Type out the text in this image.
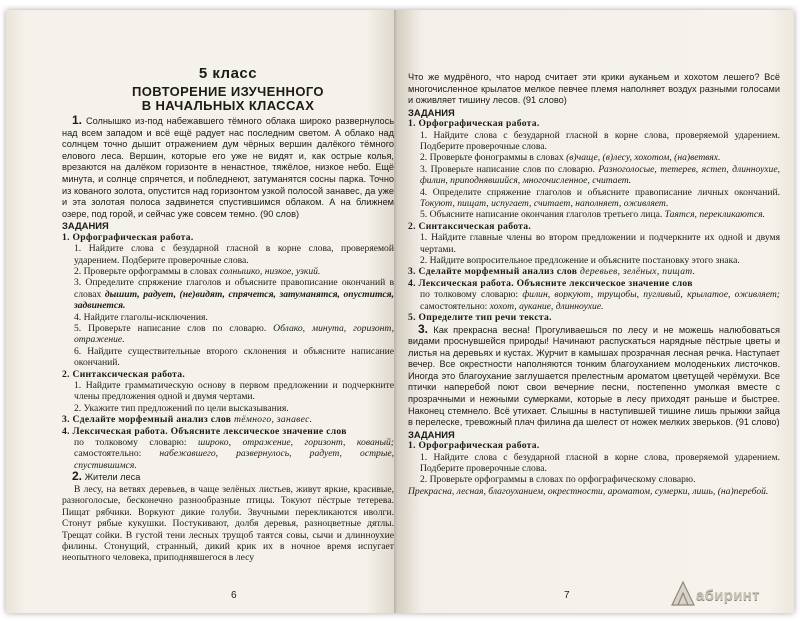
5 класс
ПОВТОРЕНИЕ ИЗУЧЕННОГО
В НАЧАЛЬНЫХ КЛАССАХ

1. Солнышко из-под набежавшего тёмного облака широко развернулось над всем западом и всё ещё радует нас последним светом. А облако над солнцем точно дышит отражением дум чёрных вершин далёкого тёмного елового леса. Вершин, которые его уже не видят и, как острые колья, врезаются на далёком горизонте в ненастное, тяжёлое, низкое небо. Ещё минута, и солнце спрячется, и побледнеют, затуманятся сосны парка. Точно из кованого золота, опустится над горизонтом узкой полосой занавес, да уже и эта золотая полоса задвинется спустившимся облаком. А на ближнем озере, под горой, и сейчас уже совсем темно. (90 слов)

ЗАДАНИЯ

1. Орфографическая работа.

1. Найдите слова с безударной гласной в корне слова, проверяемой ударением. Подберите проверочные слова.

2. Проверьте орфограммы в словах солнышко, низкое, узкий.

3. Определите спряжение глаголов и объясните правописание окончаний в словах дышит, радует, (не)видят, спрячется, затуманятся, опустится, задвинется.

4. Найдите глаголы-исключения.

5. Проверьте написание слов по словарю. Облако, минута, горизонт, отражение.

6. Найдите существительные второго склонения и объясните написание окончаний.

2. Синтаксическая работа.

1. Найдите грамматическую основу в первом предложении и подчеркните члены предложения одной и двумя чертами.

2. Укажите тип предложений по цели высказывания.

3. Сделайте морфемный анализ слов тёмного, занавес.

4. Лексическая работа. Объясните лексическое значение слов

по толковому словарю: широко, отражение, горизонт, кованый; самостоятельно: набежавшего, развернулось, радует, острые, спустившимся.

2. Жители леса

В лесу, на ветвях деревьев, в чаще зелёных листьев, живут яркие, красивые, разноголосые, бесконечно разнообразные птицы. Токуют пёстрые тетерева. Пищат рябчики. Воркуют дикие голуби. Звучными перекликаются иволги. Стонут рябые кукушки. Постукивают, долбя деревья, разноцветные дятлы. Трещат сойки. В густой тени лесных трущоб таятся совы, сычи и длинноухие филины. Стонущий, странный, дикий крик их в ночное время испугает неопытного человека, приподнявшегося в лесу

6

Что же мудрёного, что народ считает эти крики ауканьем и хохотом лешего? Всё многочисленное крылатое мелкое певчее племя наполняет воздух разными голосами и оживляет тишину лесов. (91 слово)

ЗАДАНИЯ

1. Орфографическая работа.

1. Найдите слова с безударной гласной в корне слова, проверяемой ударением. Подберите проверочные слова.

2. Проверьте фонограммы в словах (в)чаще, (в)лесу, хохотом, (на)ветвях.

3. Проверьте написание слов по словарю. Разноголосые, тетерев, ястеп, длинноухие, филин, приподнявшийся, многочисленное, считает.

4. Определите спряжение глаголов и объясните правописание личных окончаний. Токуют, пищат, испугает, считает, наполняет, оживляет.

5. Объясните написание окончания глаголов третьего лица. Таятся, перекликаются.

2. Синтаксическая работа.

1. Найдите главные члены во втором предложении и подчеркните их одной и двумя чертами.

2. Найдите вопросительное предложение и объясните постановку этого знака.

3. Сделайте морфемный анализ слов деревьев, зелёных, пищат.

4. Лексическая работа. Объясните лексическое значение слов

по толковому словарю: филин, воркуют, трущобы, пугливый, крылатое, оживляет; самостоятельно: хохот, аукание, длинноухие.

5. Определите тип речи текста.

3. Как прекрасна весна! Прогуливаешься по лесу и не можешь налюбоваться видами проснувшейся природы! Начинают распускаться нарядные пёстрые цветы и листья на деревьях и кустах. Журчит в камышах прозрачная лесная речка. Наступает вечер. Все окрестности наполняются тонким благоуханием молоденьких листочков. Иногда это благоухание заглушается прелестным ароматом цветущей черёмухи. Все птички наперебой поют свои вечерние песни, постепенно умолкая вместе с прозрачными и нежными сумерками, которые в лесу приходят раньше и быстрее. Наконец стемнело. Всё утихает. Слышны в наступившей тишине лишь прыжки зайца в перелеске, тревожный плач филина да шелест от ножек мелких зверьков. (91 слово)

ЗАДАНИЯ

1. Орфографическая работа.

1. Найдите слова с безударной гласной в корне слова, проверяемой ударением. Подберите проверочные слова.

2. Проверьте орфограммы в словах по орфографическому словарю.

Прекрасна, лесная, благоуханием, окрестности, ароматом, сумерки, лишь, (на)перебой.

7	абиринт
